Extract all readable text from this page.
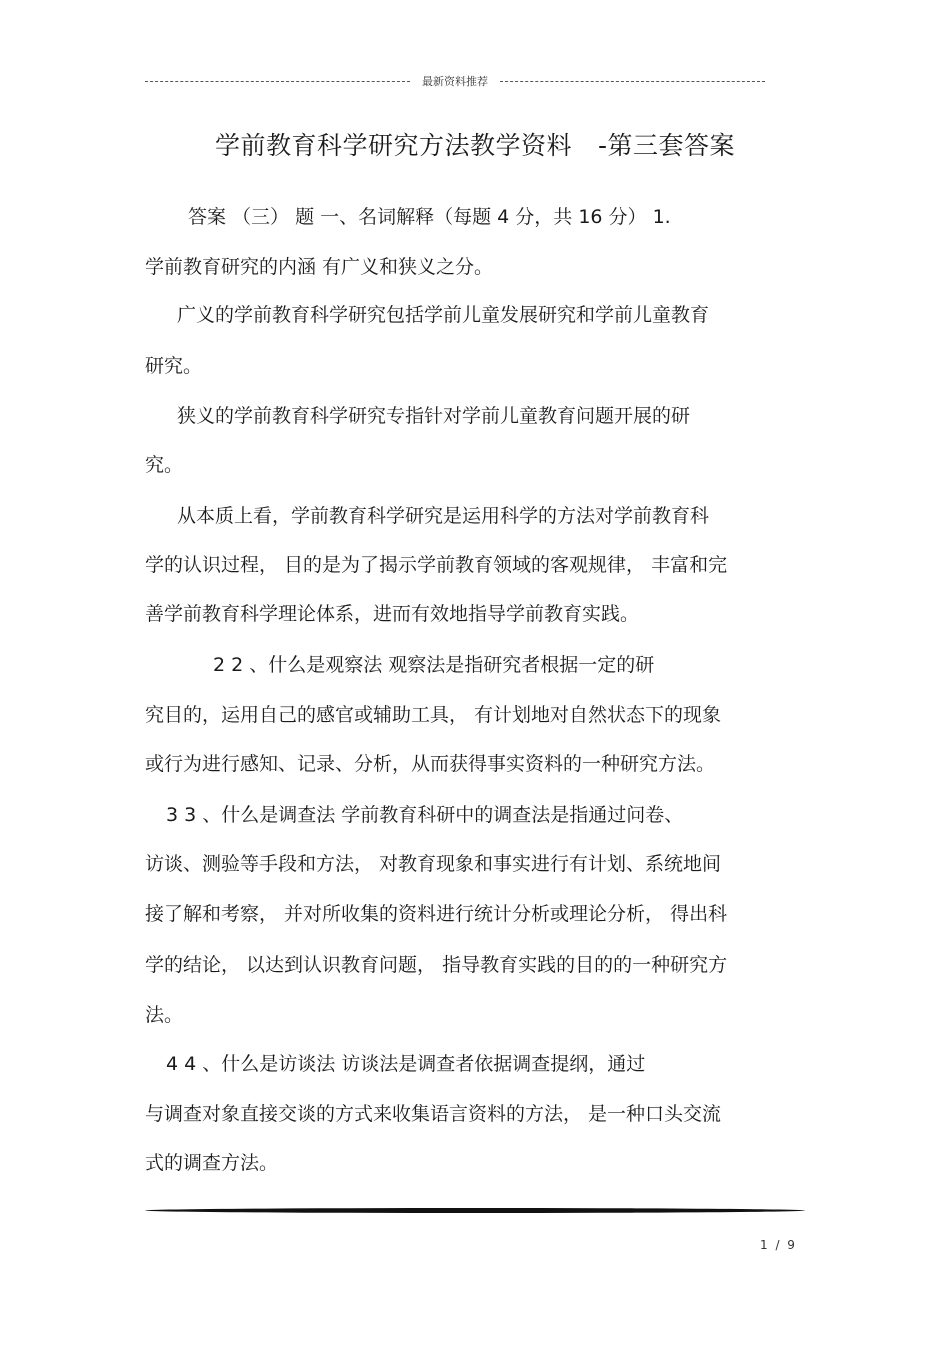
最新资料推荐
学前教育科学研究方法教学资料 -第三套答案
答案 （三） 题 一、名词解释（每题 4 分，共 16 分） 1.
学前教育研究的内涵 有广义和狭义之分。
广义的学前教育科学研究包括学前儿童发展研究和学前儿童教育
研究。
狭义的学前教育科学研究专指针对学前儿童教育问题开展的研
究。
从本质上看，学前教育科学研究是运用科学的方法对学前教育科
学的认识过程， 目的是为了揭示学前教育领域的客观规律， 丰富和完
善学前教育科学理论体系，进而有效地指导学前教育实践。
2 2 、什么是观察法 观察法是指研究者根据一定的研
究目的，运用自己的感官或辅助工具， 有计划地对自然状态下的现象
或行为进行感知、记录、分析，从而获得事实资料的一种研究方法。
3 3 、什么是调查法 学前教育科研中的调查法是指通过问卷、
访谈、测验等手段和方法， 对教育现象和事实进行有计划、系统地间
接了解和考察， 并对所收集的资料进行统计分析或理论分析， 得出科
学的结论， 以达到认识教育问题， 指导教育实践的目的的一种研究方
法。
4 4 、什么是访谈法 访谈法是调查者依据调查提纲，通过
与调查对象直接交谈的方式来收集语言资料的方法， 是一种口头交流
式的调查方法。
1 / 9
